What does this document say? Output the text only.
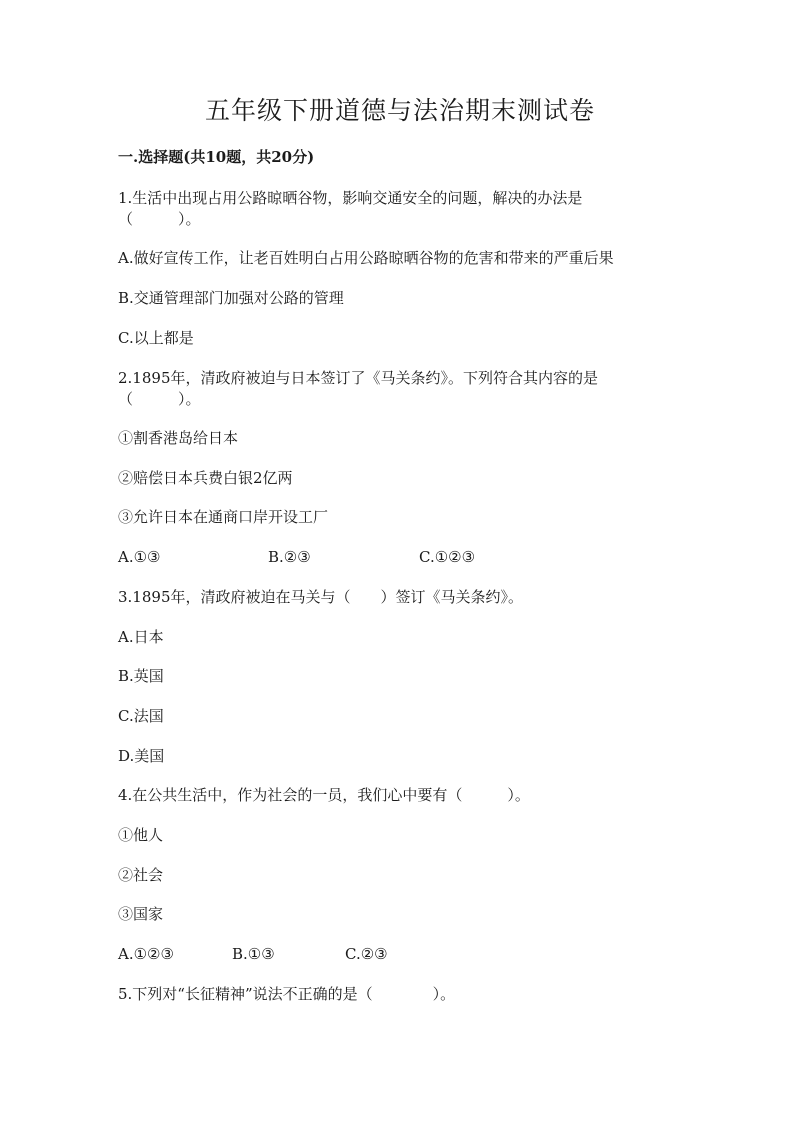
五年级下册道德与法治期末测试卷
一.选择题(共10题，共20分)
1.生活中出现占用公路晾晒谷物，影响交通安全的问题，解决的办法是
（　　　）。
A.做好宣传工作，让老百姓明白占用公路晾晒谷物的危害和带来的严重后果
B.交通管理部门加强对公路的管理
C.以上都是
2.1895年，清政府被迫与日本签订了《马关条约》。下列符合其内容的是
（　　　）。
①割香港岛给日本
②赔偿日本兵费白银2亿两
③允许日本在通商口岸开设工厂
A.①③	B.②③	C.①②③
3.1895年，清政府被迫在马关与（　　）签订《马关条约》。
A.日本
B.英国
C.法国
D.美国
4.在公共生活中，作为社会的一员，我们心中要有（　　　）。
①他人
②社会
③国家
A.①②③	B.①③	C.②③
5.下列对“长征精神”说法不正确的是（　　　　）。
